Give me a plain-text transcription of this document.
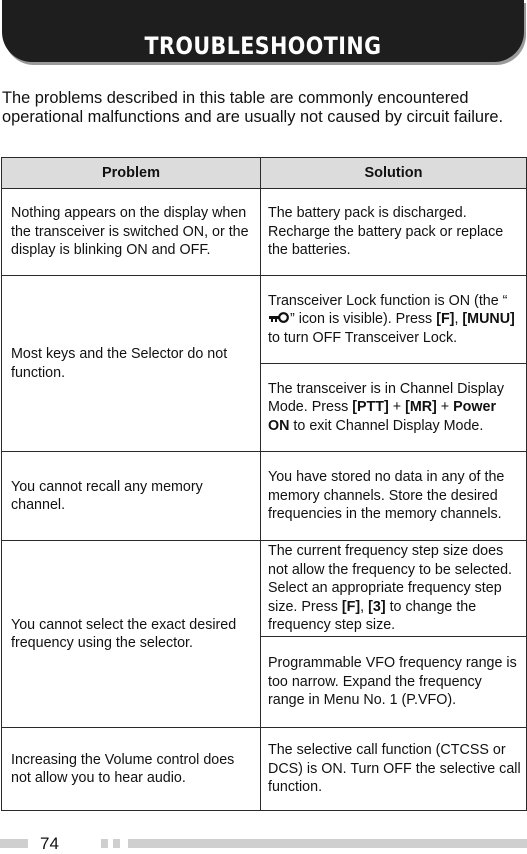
TROUBLESHOOTING

The problems described in this table are commonly encountered operational malfunctions and are usually not caused by circuit failure.

Problem	Solution
Nothing appears on the display when the transceiver is switched ON, or the display is blinking ON and OFF.	The battery pack is discharged. Recharge the battery pack or replace the batteries.
Most keys and the Selector do not function.	Transceiver Lock function is ON (the “” icon is visible). Press [F], [MUNU] to turn OFF Transceiver Lock.
	The transceiver is in Channel Display Mode. Press [PTT] + [MR] + Power ON to exit Channel Display Mode.
You cannot recall any memory channel.	You have stored no data in any of the memory channels. Store the desired frequencies in the memory channels.
You cannot select the exact desired frequency using the selector.	The current frequency step size does not allow the frequency to be selected. Select an appropriate frequency step size. Press [F], [3] to change the frequency step size.
	Programmable VFO frequency range is too narrow. Expand the frequency range in Menu No. 1 (P.VFO).
Increasing the Volume control does not allow you to hear audio.	The selective call function (CTCSS or DCS) is ON. Turn OFF the selective call function.
74
